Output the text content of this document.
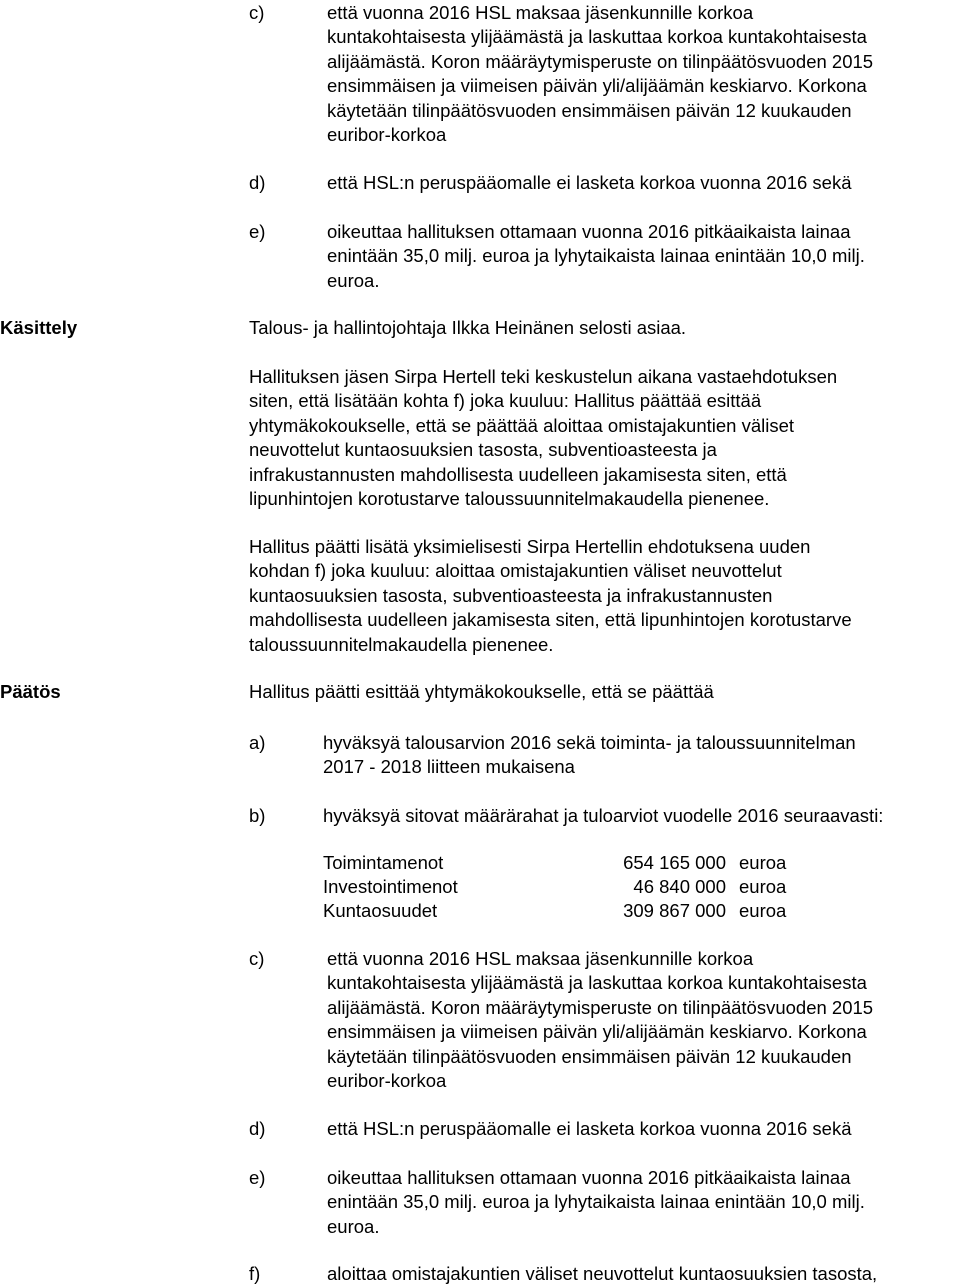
c)	että vuonna 2016 HSL maksaa jäsenkunnille korkoa
kuntakohtaisesta ylijäämästä ja laskuttaa korkoa kuntakohtaisesta
alijäämästä. Koron määräytymisperuste on tilinpäätösvuoden 2015
ensimmäisen ja viimeisen päivän yli/alijäämän keskiarvo. Korkona
käytetään tilinpäätösvuoden ensimmäisen päivän 12 kuukauden
euribor-korkoa
d)	että HSL:n peruspääomalle ei lasketa korkoa vuonna 2016 sekä
e)	oikeuttaa hallituksen ottamaan vuonna 2016 pitkäaikaista lainaa
enintään 35,0 milj. euroa ja lyhytaikaista lainaa enintään 10,0 milj.
euroa.
Käsittely	Talous- ja hallintojohtaja Ilkka Heinänen selosti asiaa.
Hallituksen jäsen Sirpa Hertell teki keskustelun aikana vastaehdotuksen
siten, että lisätään kohta f) joka kuuluu: Hallitus päättää esittää
yhtymäkokoukselle, että se päättää aloittaa omistajakuntien väliset
neuvottelut kuntaosuuksien tasosta, subventioasteesta ja
infrakustannusten mahdollisesta uudelleen jakamisesta siten, että
lipunhintojen korotustarve taloussuunnitelmakaudella pienenee.
Hallitus päätti lisätä yksimielisesti Sirpa Hertellin ehdotuksena uuden
kohdan f) joka kuuluu: aloittaa omistajakuntien väliset neuvottelut
kuntaosuuksien tasosta, subventioasteesta ja infrakustannusten
mahdollisesta uudelleen jakamisesta siten, että lipunhintojen korotustarve
taloussuunnitelmakaudella pienenee.
Päätös	Hallitus päätti esittää yhtymäkokoukselle, että se päättää
a)	hyväksyä talousarvion 2016 sekä toiminta- ja taloussuunnitelman
2017 - 2018 liitteen mukaisena
b)	hyväksyä sitovat määrärahat ja tuloarviot vuodelle 2016 seuraavasti:
Toimintamenot	654 165 000 euroa
Investointimenot	46 840 000 euroa
Kuntaosuudet	309 867 000 euroa
c)	että vuonna 2016 HSL maksaa jäsenkunnille korkoa
kuntakohtaisesta ylijäämästä ja laskuttaa korkoa kuntakohtaisesta
alijäämästä. Koron määräytymisperuste on tilinpäätösvuoden 2015
ensimmäisen ja viimeisen päivän yli/alijäämän keskiarvo. Korkona
käytetään tilinpäätösvuoden ensimmäisen päivän 12 kuukauden
euribor-korkoa
d)	että HSL:n peruspääomalle ei lasketa korkoa vuonna 2016 sekä
e)	oikeuttaa hallituksen ottamaan vuonna 2016 pitkäaikaista lainaa
enintään 35,0 milj. euroa ja lyhytaikaista lainaa enintään 10,0 milj.
euroa.
f)	aloittaa omistajakuntien väliset neuvottelut kuntaosuuksien tasosta,
